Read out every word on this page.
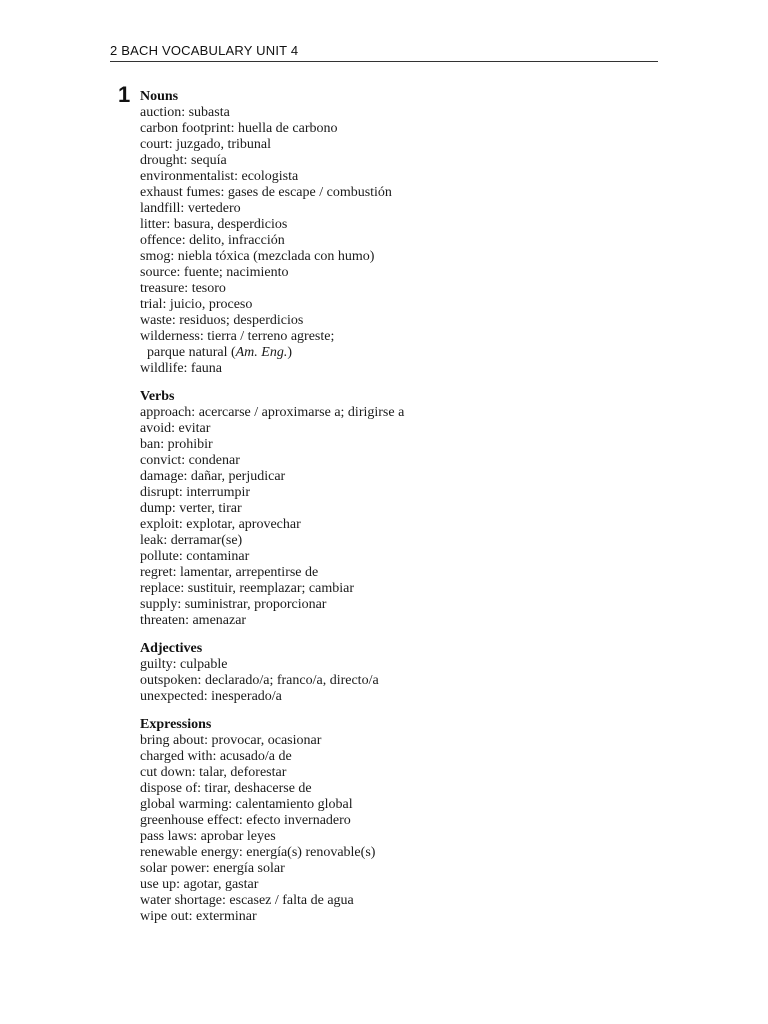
2 BACH VOCABULARY UNIT 4
1 Nouns

auction: subasta

carbon footprint: huella de carbono

court: juzgado, tribunal

drought: sequía

environmentalist: ecologista

exhaust fumes: gases de escape / combustión

landfill: vertedero

litter: basura, desperdicios

offence: delito, infracción

smog: niebla tóxica (mezclada con humo)

source: fuente; nacimiento

treasure: tesoro

trial: juicio, proceso

waste: residuos; desperdicios

wilderness: tierra / terreno agreste;

parque natural (Am. Eng.)

wildlife: fauna

Verbs

approach: acercarse / aproximarse a; dirigirse a

avoid: evitar

ban: prohibir

convict: condenar

damage: dañar, perjudicar

disrupt: interrumpir

dump: verter, tirar

exploit: explotar, aprovechar

leak: derramar(se)

pollute: contaminar

regret: lamentar, arrepentirse de

replace: sustituir, reemplazar; cambiar

supply: suministrar, proporcionar

threaten: amenazar

Adjectives

guilty: culpable

outspoken: declarado/a; franco/a, directo/a

unexpected: inesperado/a

Expressions

bring about: provocar, ocasionar

charged with: acusado/a de

cut down: talar, deforestar

dispose of: tirar, deshacerse de

global warming: calentamiento global

greenhouse effect: efecto invernadero

pass laws: aprobar leyes

renewable energy: energía(s) renovable(s)

solar power: energía solar

use up: agotar, gastar

water shortage: escasez / falta de agua

wipe out: exterminar
